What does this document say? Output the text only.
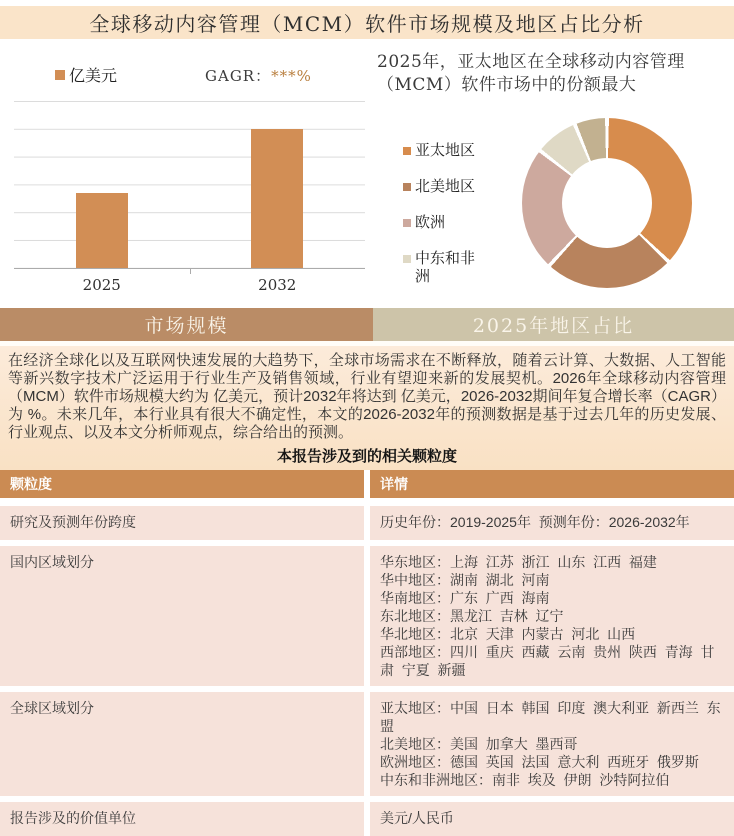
全球移动内容管理（MCM）软件市场规模及地区占比分析
亿美元	GAGR：***%
2025	2032
2025年，亚太地区在全球移动内容管理（MCM）软件市场中的份额最大
亚太地区
北美地区
欧洲
中东和非洲
市场规模	2025年地区占比

在经济全球化以及互联网快速发展的大趋势下，全球市场需求在不断释放，随着云计算、大数据、人工智能等新兴数字技术广泛运用于行业生产及销售领域，行业有望迎来新的发展契机。2026年全球移动内容管理（MCM）软件市场规模大约为 亿美元，预计2032年将达到 亿美元，2026-2032期间年复合增长率（CAGR）为 %。未来几年，本行业具有很大不确定性，本文的2026-2032年的预测数据是基于过去几年的历史发展、行业观点、以及本文分析师观点，综合给出的预测。

本报告涉及到的相关颗粒度
颗粒度	详情
研究及预测年份跨度	历史年份：2019-2025年  预测年份：2026-2032年
国内区域划分	华东地区：上海  江苏  浙江  山东  江西  福建
华中地区：湖南  湖北  河南
华南地区：广东  广西  海南
东北地区：黑龙江  吉林  辽宁
华北地区：北京  天津  内蒙古  河北  山西
西部地区：四川  重庆  西藏  云南  贵州  陕西  青海  甘肃  宁夏  新疆
全球区域划分	亚太地区：中国  日本  韩国  印度  澳大利亚  新西兰  东盟
北美地区：美国  加拿大  墨西哥
欧洲地区：德国  英国  法国  意大利  西班牙  俄罗斯
中东和非洲地区：南非  埃及  伊朗  沙特阿拉伯
报告涉及的价值单位	美元/人民币
